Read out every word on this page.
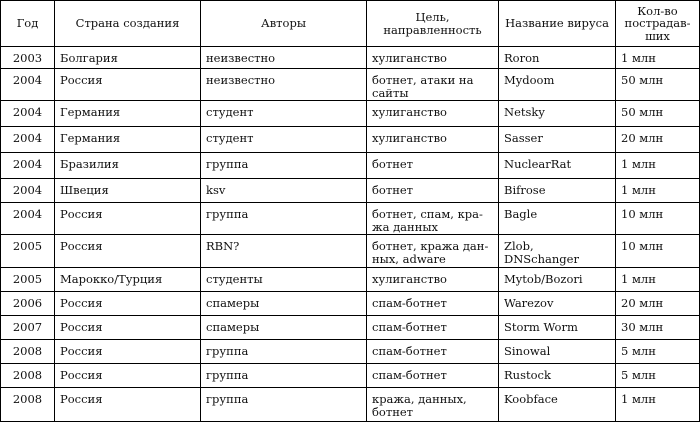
Год	Страна создания	Авторы	Цель,
направленность	Название вируса	Кол-во
пострадав-
ших
2003	Болгария	неизвестно	хулиганство	Roron	1 млн
2004	Россия	неизвестно	ботнет, атаки на
сайты	Mydoom	50 млн
2004	Германия	студент	хулиганство	Netsky	50 млн
2004	Германия	студент	хулиганство	Sasser	20 млн
2004	Бразилия	группа	ботнет	NuclearRat	1 млн
2004	Швеция	ksv	ботнет	Bifrose	1 млн
2004	Россия	группа	ботнет, спам, кра-
жа данных	Bagle	10 млн
2005	Россия	RBN?	ботнет, кража дан-
ных, adware	Zlob, DNSchanger	10 млн
2005	Марокко/Турция	студенты	хулиганство	Mytob/Bozori	1 млн
2006	Россия	спамеры	спам-ботнет	Warezov	20 млн
2007	Россия	спамеры	спам-ботнет	Storm Worm	30 млн
2008	Россия	группа	спам-ботнет	Sinowal	5 млн
2008	Россия	группа	спам-ботнет	Rustock	5 млн
2008	Россия	группа	кража, данных,
ботнет	Koobface	1 млн
